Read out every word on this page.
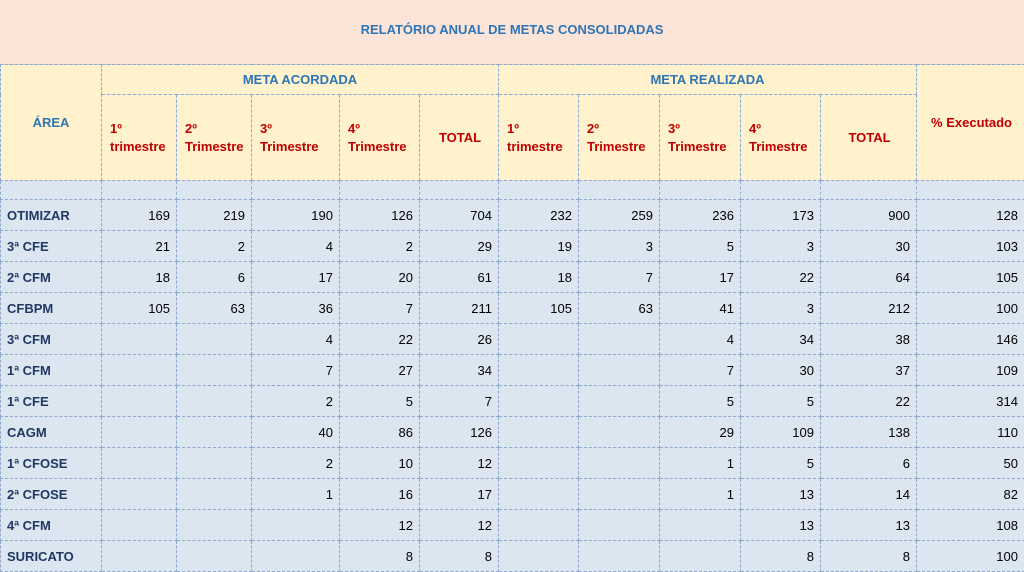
RELATÓRIO ANUAL DE METAS CONSOLIDADAS
ÁREA	META ACORDADA					META REALIZADA					% Executado
	1º trimestre	2º Trimestre	3º Trimestre	4º Trimestre	TOTAL	1º trimestre	2º Trimestre	3º Trimestre	4º Trimestre	TOTAL	

OTIMIZAR	169	219	190	126	704	232	259	236	173	900	128
3ª CFE	21	2	4	2	29	19	3	5	3	30	103
2ª CFM	18	6	17	20	61	18	7	17	22	64	105
CFBPM	105	63	36	7	211	105	63	41	3	212	100
3ª CFM			4	22	26			4	34	38	146
1ª CFM			7	27	34			7	30	37	109
1ª CFE			2	5	7			5	5	22	314
CAGM			40	86	126			29	109	138	110
1ª CFOSE			2	10	12			1	5	6	50
2ª CFOSE			1	16	17			1	13	14	82
4ª CFM				12	12				13	13	108
SURICATO				8	8				8	8	100
